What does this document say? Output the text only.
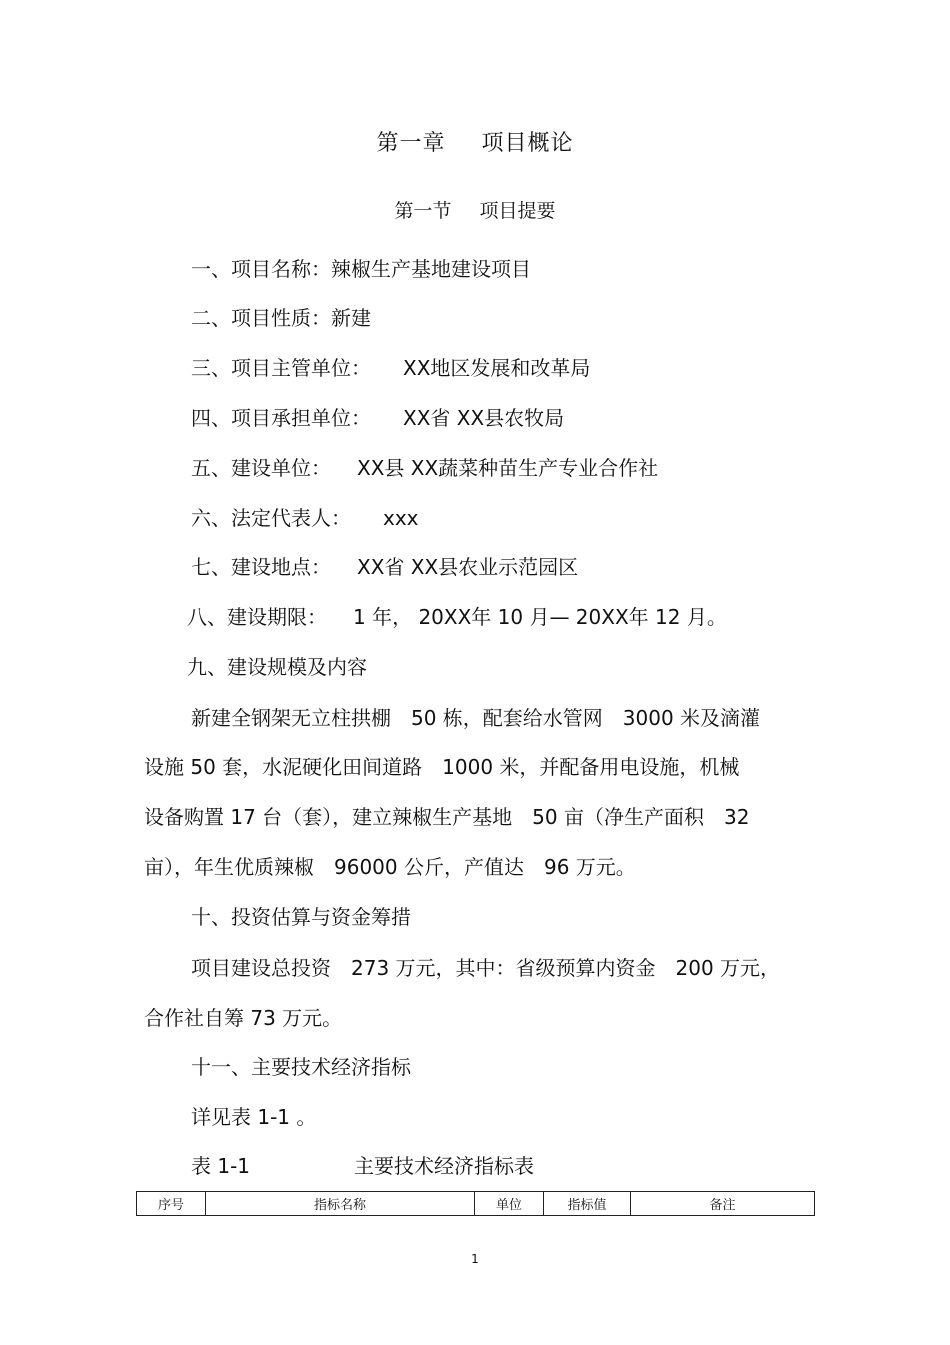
第一章 项目概论
第一节 项目提要
一、项目名称：辣椒生产基地建设项目
二、项目性质：新建
三、项目主管单位： XX地区发展和改革局
四、项目承担单位： XX省 XX县农牧局
五、建设单位： XX县 XX蔬菜种苗生产专业合作社
六、法定代表人： xxx
七、建设地点： XX省 XX县农业示范园区
八、建设期限： 1 年， 20XX年 10 月— 20XX年 12 月。
九、建设规模及内容
新建全钢架无立柱拱棚　50 栋，配套给水管网　3000 米及滴灌
设施 50 套，水泥硬化田间道路　1000 米，并配备用电设施，机械
设备购置 17 台（套），建立辣椒生产基地　50 亩（净生产面积　32
亩），年生优质辣椒　96000 公斤，产值达　96 万元。
十、投资估算与资金筹措
项目建设总投资　273 万元，其中：省级预算内资金　200 万元，
合作社自筹 73 万元。
十一、主要技术经济指标
详见表 1-1 。
表 1-1	主要技术经济指标表
序号	指标名称	单位	指标值	备注
1
